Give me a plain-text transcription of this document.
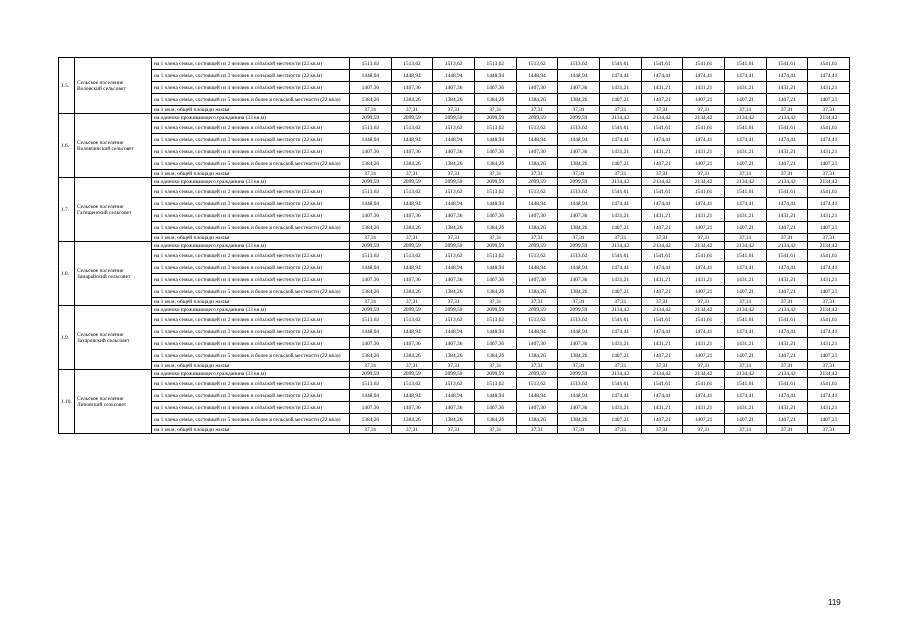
1.5.	Сельское поселение Воловский сельсовет	на 1 члена семьи, состоящей из 2 человек в сельской местности (22 кв.м)	1513,62	1513,62	1513,62	1513,62	1513,62	1513,62	1541,61	1541,61	1541,61	1541,61	1541,61	1541,61
		на 1 члена семьи, состоящей из 3 человек в сельской местности (22 кв.м)	1448,94	1448,94	1448,94	1448,94	1448,94	1448,94	1474,41	1474,41	1474,41	1474,41	1474,41	1474,41
		на 1 члена семьи, состоящей из 4 человек в сельской местности (22 кв.м)	1407,36	1407,36	1407,36	1407,36	1407,36	1407,36	1431,21	1431,21	1431,21	1431,21	1431,21	1431,21
		на 1 члена семьи, состоящей из 5 человек и более в сельской местности (22 кв.м)	1384,26	1384,26	1384,26	1384,26	1384,26	1384,26	1407,21	1407,21	1407,21	1407,21	1407,21	1407,21
		на 1 кв.м. общей площади жилья	37,31	37,31	37,31	37,31	37,31	37,31	37,31	37,31	37,31	37,31	37,31	37,31
1.6.	Сельское поселение Воловчинский сельсовет	на одиноко проживающего гражданина (33 кв.м)	2099,59	2099,59	2099,59	2099,59	2099,59	2099,59	2134,42	2134,42	2134,42	2134,42	2134,42	2134,42
		на 1 члена семьи, состоящей из 2 человек в сельской местности (22 кв.м)	1513,62	1513,62	1513,62	1513,62	1513,62	1513,62	1541,61	1541,61	1541,61	1541,61	1541,61	1541,61
		на 1 члена семьи, состоящей из 3 человек в сельской местности (22 кв.м)	1448,94	1448,94	1448,94	1448,94	1448,94	1448,94	1474,41	1474,41	1474,41	1474,41	1474,41	1474,41
		на 1 члена семьи, состоящей из 4 человек в сельской местности (22 кв.м)	1407,36	1407,36	1407,36	1407,36	1407,36	1407,36	1431,21	1431,21	1431,21	1431,21	1431,21	1431,21
		на 1 члена семьи, состоящей из 5 человек и более в сельской местности (22 кв.м)	1384,26	1384,26	1384,26	1384,26	1384,26	1384,26	1407,21	1407,21	1407,21	1407,21	1407,21	1407,21
		на 1 кв.м. общей площади жилья	37,31	37,31	37,31	37,31	37,31	37,31	37,31	37,31	37,31	37,31	37,31	37,31
1.7.	Сельское поселение Гатищенский сельсовет	на одиноко проживающего гражданина (33 кв.м)	2099,59	2099,59	2099,59	2099,59	2099,59	2099,59	2134,42	2134,42	2134,42	2134,42	2134,42	2134,42
		на 1 члена семьи, состоящей из 2 человек в сельской местности (22 кв.м)	1513,62	1513,62	1513,62	1513,62	1513,62	1513,62	1541,61	1541,61	1541,61	1541,61	1541,61	1541,61
		на 1 члена семьи, состоящей из 3 человек в сельской местности (22 кв.м)	1448,94	1448,94	1448,94	1448,94	1448,94	1448,94	1474,41	1474,41	1474,41	1474,41	1474,41	1474,41
		на 1 члена семьи, состоящей из 4 человек в сельской местности (22 кв.м)	1407,36	1407,36	1407,36	1407,36	1407,36	1407,36	1431,21	1431,21	1431,21	1431,21	1431,21	1431,21
		на 1 члена семьи, состоящей из 5 человек и более в сельской местности (22 кв.м)	1384,26	1384,26	1384,26	1384,26	1384,26	1384,26	1407,21	1407,21	1407,21	1407,21	1407,21	1407,21
		на 1 кв.м. общей площади жилья	37,31	37,31	37,31	37,31	37,31	37,31	37,31	37,31	37,31	37,31	37,31	37,31
1.8.	Сельское поселение Замарайский сельсовет	на одиноко проживающего гражданина (33 кв.м)	2099,59	2099,59	2099,59	2099,59	2099,59	2099,59	2134,42	2134,42	2134,42	2134,42	2134,42	2134,42
		на 1 члена семьи, состоящей из 2 человек в сельской местности (22 кв.м)	1513,62	1513,62	1513,62	1513,62	1513,62	1513,62	1541,61	1541,61	1541,61	1541,61	1541,61	1541,61
		на 1 члена семьи, состоящей из 3 человек в сельской местности (22 кв.м)	1448,94	1448,94	1448,94	1448,94	1448,94	1448,94	1474,41	1474,41	1474,41	1474,41	1474,41	1474,41
		на 1 члена семьи, состоящей из 4 человек в сельской местности (22 кв.м)	1407,36	1407,36	1407,36	1407,36	1407,36	1407,36	1431,21	1431,21	1431,21	1431,21	1431,21	1431,21
		на 1 члена семьи, состоящей из 5 человек и более в сельской местности (22 кв.м)	1384,26	1384,26	1384,26	1384,26	1384,26	1384,26	1407,21	1407,21	1407,21	1407,21	1407,21	1407,21
		на 1 кв.м. общей площади жилья	37,31	37,31	37,31	37,31	37,31	37,31	37,31	37,31	37,31	37,31	37,31	37,31
1.9.	Сельское поселение Захаровский сельсовет	на одиноко проживающего гражданина (33 кв.м)	2099,59	2099,59	2099,59	2099,59	2099,59	2099,59	2134,42	2134,42	2134,42	2134,42	2134,42	2134,42
		на 1 члена семьи, состоящей из 2 человек в сельской местности (22 кв.м)	1513,62	1513,62	1513,62	1513,62	1513,62	1513,62	1541,61	1541,61	1541,61	1541,61	1541,61	1541,61
		на 1 члена семьи, состоящей из 3 человек в сельской местности (22 кв.м)	1448,94	1448,94	1448,94	1448,94	1448,94	1448,94	1474,41	1474,41	1474,41	1474,41	1474,41	1474,41
		на 1 члена семьи, состоящей из 4 человек в сельской местности (22 кв.м)	1407,36	1407,36	1407,36	1407,36	1407,36	1407,36	1431,21	1431,21	1431,21	1431,21	1431,21	1431,21
		на 1 члена семьи, состоящей из 5 человек и более в сельской местности (22 кв.м)	1384,26	1384,26	1384,26	1384,26	1384,26	1384,26	1407,21	1407,21	1407,21	1407,21	1407,21	1407,21
		на 1 кв.м. общей площади жилья	37,31	37,31	37,31	37,31	37,31	37,31	37,31	37,31	37,31	37,31	37,31	37,31
1.10.	Сельское поселение Липовский сельсовет	на одиноко проживающего гражданина (33 кв.м)	2099,59	2099,59	2099,59	2099,59	2099,59	2099,59	2134,42	2134,42	2134,42	2134,42	2134,42	2134,42
		на 1 члена семьи, состоящей из 2 человек в сельской местности (22 кв.м)	1513,62	1513,62	1513,62	1513,62	1513,62	1513,62	1541,61	1541,61	1541,61	1541,61	1541,61	1541,61
		на 1 члена семьи, состоящей из 3 человек в сельской местности (22 кв.м)	1448,94	1448,94	1448,94	1448,94	1448,94	1448,94	1474,41	1474,41	1474,41	1474,41	1474,41	1474,41
		на 1 члена семьи, состоящей из 4 человек в сельской местности (22 кв.м)	1407,36	1407,36	1407,36	1407,36	1407,36	1407,36	1431,21	1431,21	1431,21	1431,21	1431,21	1431,21
		на 1 члена семьи, состоящей из 5 человек и более в сельской местности (22 кв.м)	1384,26	1384,26	1384,26	1384,26	1384,26	1384,26	1407,21	1407,21	1407,21	1407,21	1407,21	1407,21
		на 1 кв.м. общей площади жилья	37,31	37,31	37,31	37,31	37,31	37,31	37,31	37,31	37,31	37,31	37,31	37,31
119
